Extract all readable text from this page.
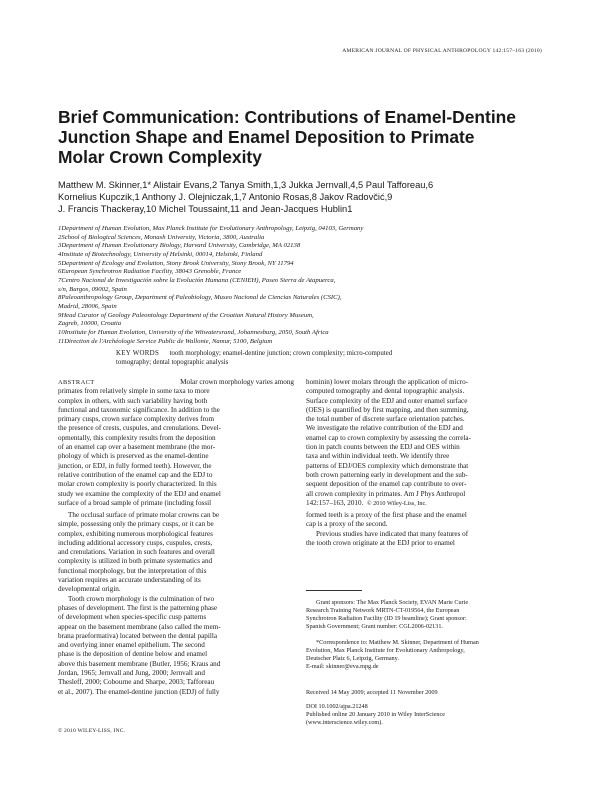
AMERICAN JOURNAL OF PHYSICAL ANTHROPOLOGY 142:157–163 (2010)
Brief Communication: Contributions of Enamel-Dentine
Junction Shape and Enamel Deposition to Primate
Molar Crown Complexity
Matthew M. Skinner,1* Alistair Evans,2 Tanya Smith,1,3 Jukka Jernvall,4,5 Paul Tafforeau,6
Kornelius Kupczik,1 Anthony J. Olejniczak,1,7 Antonio Rosas,8 Jakov Radovčić,9
J. Francis Thackeray,10 Michel Toussaint,11 and Jean-Jacques Hublin1
1Department of Human Evolution, Max Planck Institute for Evolutionary Anthropology, Leipzig, 04103, Germany
2School of Biological Sciences, Monash University, Victoria, 3800, Australia
3Department of Human Evolutionary Biology, Harvard University, Cambridge, MA 02138
4Institute of Biotechnology, University of Helsinki, 00014, Helsinki, Finland
5Department of Ecology and Evolution, Stony Brook University, Stony Brook, NY 11794
6European Synchrotron Radiation Facility, 38043 Grenoble, France
7Centro Nacional de Investigación sobre la Evolución Humana (CENIEH), Paseo Sierra de Atapuerca,
s/n, Burgos, 09002, Spain
8Paleoanthropology Group, Department of Paleobiology, Museo Nacional de Ciencias Naturales (CSIC),
Madrid, 28006, Spain
9Head Curator of Geology Paleontology Department of the Croatian Natural History Museum,
Zagreb, 10000, Croatia
10Institute for Human Evolution, University of the Witwatersrand, Johannesburg, 2050, South Africa
11Direction de l'Archéologie Service Public de Wallonie, Namur, 5100, Belgium
KEY WORDS tooth morphology; enamel-dentine junction; crown complexity; micro-computed
tomography; dental topographic analysis
ABSTRACT	Molar crown morphology varies among
primates from relatively simple in some taxa to more
complex in others, with such variability having both
functional and taxonomic significance. In addition to the
primary cusps, crown surface complexity derives from
the presence of crests, cuspules, and crenulations. Devel-
opmentally, this complexity results from the deposition
of an enamel cap over a basement membrane (the mor-
phology of which is preserved as the enamel-dentine
junction, or EDJ, in fully formed teeth). However, the
relative contribution of the enamel cap and the EDJ to
molar crown complexity is poorly characterized. In this
study we examine the complexity of the EDJ and enamel
surface of a broad sample of primate (including fossil
hominin) lower molars through the application of micro-
computed tomography and dental topographic analysis.
Surface complexity of the EDJ and outer enamel surface
(OES) is quantified by first mapping, and then summing,
the total number of discrete surface orientation patches.
We investigate the relative contribution of the EDJ and
enamel cap to crown complexity by assessing the correla-
tion in patch counts between the EDJ and OES within
taxa and within individual teeth. We identify three
patterns of EDJ/OES complexity which demonstrate that
both crown patterning early in development and the sub-
sequent deposition of the enamel cap contribute to over-
all crown complexity in primates. Am J Phys Anthropol
142:157–163, 2010.
© 2010 Wiley-Liss, Inc.
The occlusal surface of primate molar crowns can be
simple, possessing only the primary cusps, or it can be
complex, exhibiting numerous morphological features
including additional accessory cusps, cuspules, crests,
and crenulations. Variation in such features and overall
complexity is utilized in both primate systematics and
functional morphology, but the interpretation of this
variation requires an accurate understanding of its
developmental origin.
Tooth crown morphology is the culmination of two
phases of development. The first is the patterning phase
of development when species-specific cusp patterns
appear on the basement membrane (also called the mem-
brana praeformativa) located between the dental papilla
and overlying inner enamel epithelium. The second
phase is the deposition of dentine below and enamel
above this basement membrane (Butler, 1956; Kraus and
Jordan, 1965; Jernvall and Jung, 2000; Jernvall and
Thesleff, 2000; Cobourne and Sharpe, 2003; Tafforeau
et al., 2007). The enamel-dentine junction (EDJ) of fully
formed teeth is a proxy of the first phase and the enamel
cap is a proxy of the second.
Previous studies have indicated that many features of
the tooth crown originate at the EDJ prior to enamel
Grant sponsors: The Max Planck Society, EVAN Marie Curie
Research Training Network MRTN-CT-019564, the European
Synchrotron Radiation Facility (ID 19 beamline); Grant sponsor:
Spanish Government; Grant number: CGL2006-02131.
*Correspondence to: Matthew M. Skinner, Department of Human
Evolution, Max Planck Institute for Evolutionary Anthropology,
Deutscher Platz 6, Leipzig, Germany.
E-mail: skinner@eva.mpg.de
Received 14 May 2009; accepted 11 November 2009
DOI 10.1002/ajpa.21248
Published online 20 January 2010 in Wiley InterScience
(www.interscience.wiley.com).
© 2010 WILEY-LISS, INC.
